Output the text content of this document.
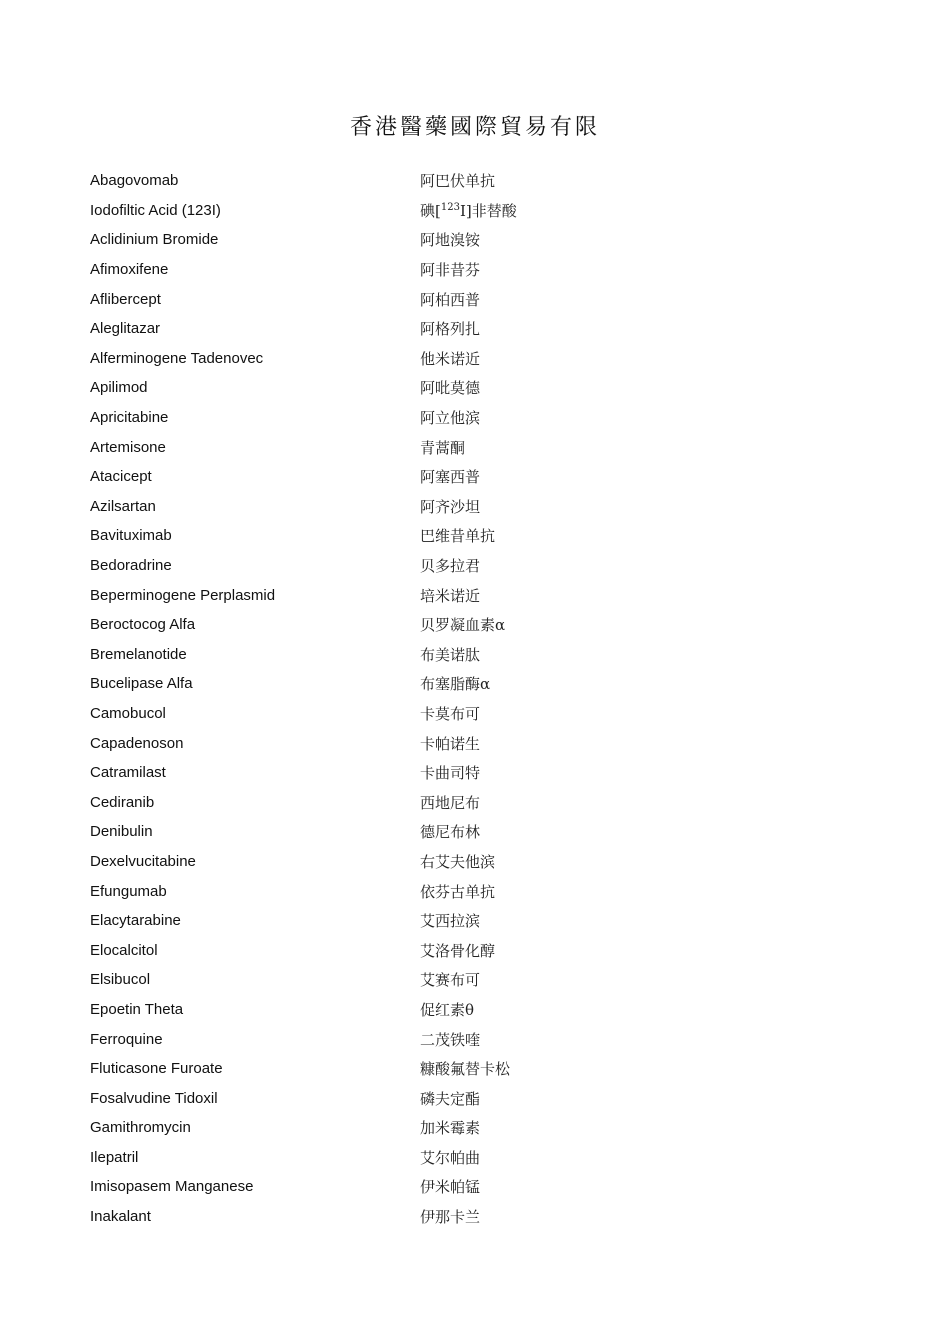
香港醫藥國際貿易有限
Abagovomab	阿巴伏单抗
Iodofiltic Acid (123I)	碘[$^{123}$I]非替酸
Aclidinium Bromide	阿地溴铵
Afimoxifene	阿非昔芬
Aflibercept	阿柏西普
Aleglitazar	阿格列扎
Alferminogene Tadenovec	他米诺近
Apilimod	阿吡莫德
Apricitabine	阿立他滨
Artemisone	青蒿酮
Atacicept	阿塞西普
Azilsartan	阿齐沙坦
Bavituximab	巴维昔单抗
Bedoradrine	贝多拉君
Beperminogene Perplasmid	培米诺近
Beroctocog Alfa	贝罗凝血素α
Bremelanotide	布美诺肽
Bucelipase Alfa	布塞脂酶α
Camobucol	卡莫布可
Capadenoson	卡帕诺生
Catramilast	卡曲司特
Cediranib	西地尼布
Denibulin	德尼布林
Dexelvucitabine	右艾夫他滨
Efungumab	依芬古单抗
Elacytarabine	艾西拉滨
Elocalcitol	艾洛骨化醇
Elsibucol	艾赛布可
Epoetin Theta	促红素θ
Ferroquine	二茂铁喹
Fluticasone Furoate	糠酸氟替卡松
Fosalvudine Tidoxil	磷夫定酯
Gamithromycin	加米霉素
Ilepatril	艾尔帕曲
Imisopasem Manganese	伊米帕锰
Inakalant	伊那卡兰
